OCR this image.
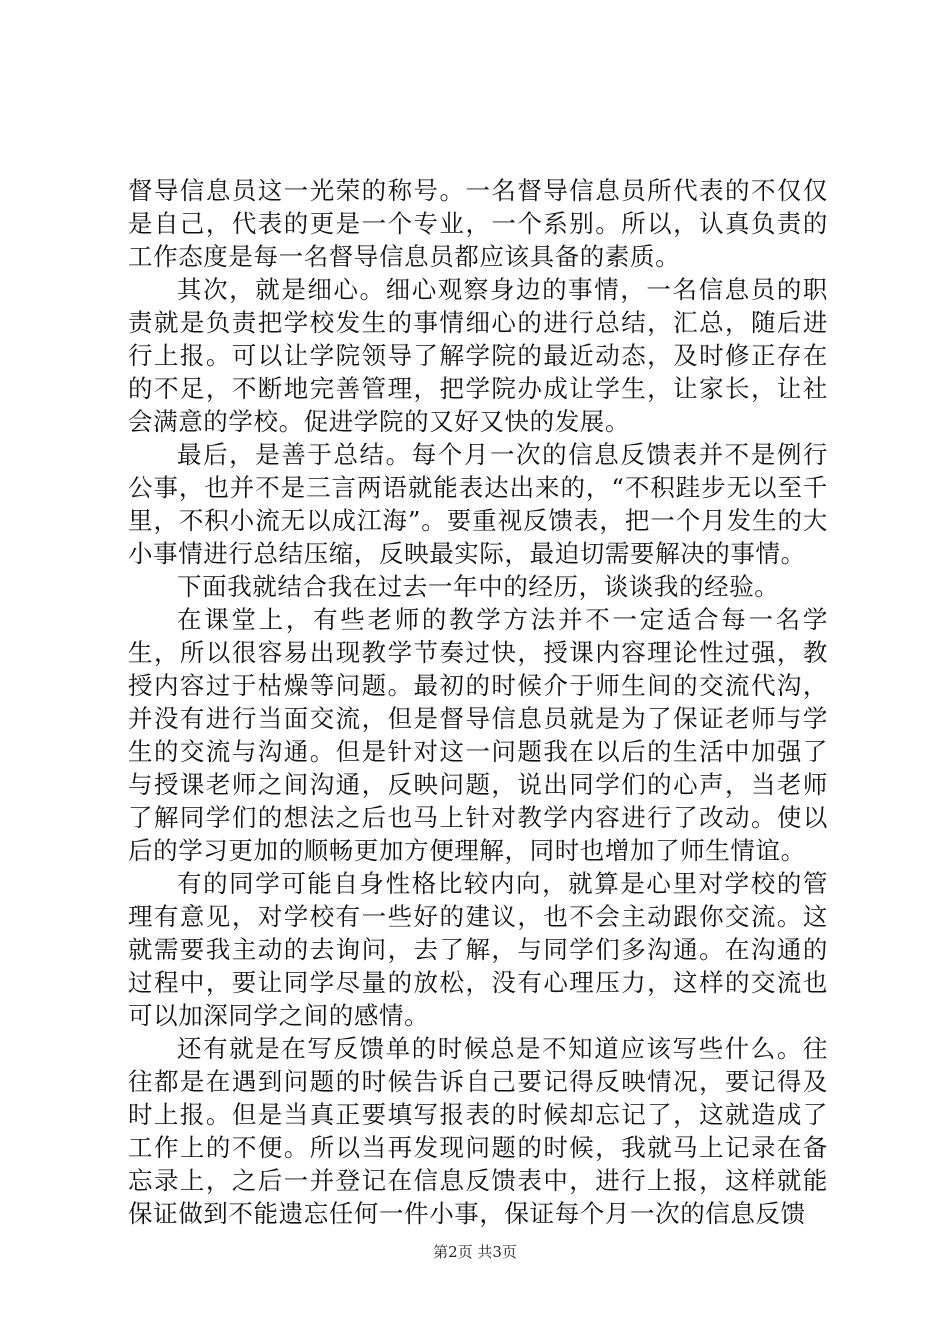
督导信息员这一光荣的称号。一名督导信息员所代表的不仅仅是自己，代表的更是一个专业，一个系别。所以，认真负责的工作态度是每一名督导信息员都应该具备的素质。

其次，就是细心。细心观察身边的事情，一名信息员的职责就是负责把学校发生的事情细心的进行总结，汇总，随后进行上报。可以让学院领导了解学院的最近动态，及时修正存在的不足，不断地完善管理，把学院办成让学生，让家长，让社会满意的学校。促进学院的又好又快的发展。

最后，是善于总结。每个月一次的信息反馈表并不是例行公事，也并不是三言两语就能表达出来的，“不积跬步无以至千里，不积小流无以成江海”。要重视反馈表，把一个月发生的大小事情进行总结压缩，反映最实际，最迫切需要解决的事情。

下面我就结合我在过去一年中的经历，谈谈我的经验。

在课堂上，有些老师的教学方法并不一定适合每一名学生，所以很容易出现教学节奏过快，授课内容理论性过强，教授内容过于枯燥等问题。最初的时候介于师生间的交流代沟，并没有进行当面交流，但是督导信息员就是为了保证老师与学生的交流与沟通。但是针对这一问题我在以后的生活中加强了与授课老师之间沟通，反映问题，说出同学们的心声，当老师了解同学们的想法之后也马上针对教学内容进行了改动。使以后的学习更加的顺畅更加方便理解，同时也增加了师生情谊。

有的同学可能自身性格比较内向，就算是心里对学校的管理有意见，对学校有一些好的建议，也不会主动跟你交流。这就需要我主动的去询问，去了解，与同学们多沟通。在沟通的过程中，要让同学尽量的放松，没有心理压力，这样的交流也可以加深同学之间的感情。

还有就是在写反馈单的时候总是不知道应该写些什么。往往都是在遇到问题的时候告诉自己要记得反映情况，要记得及时上报。但是当真正要填写报表的时候却忘记了，这就造成了工作上的不便。所以当再发现问题的时候，我就马上记录在备忘录上，之后一并登记在信息反馈表中，进行上报，这样就能保证做到不能遗忘任何一件小事，保证每个月一次的信息反馈

第2页 共3页
